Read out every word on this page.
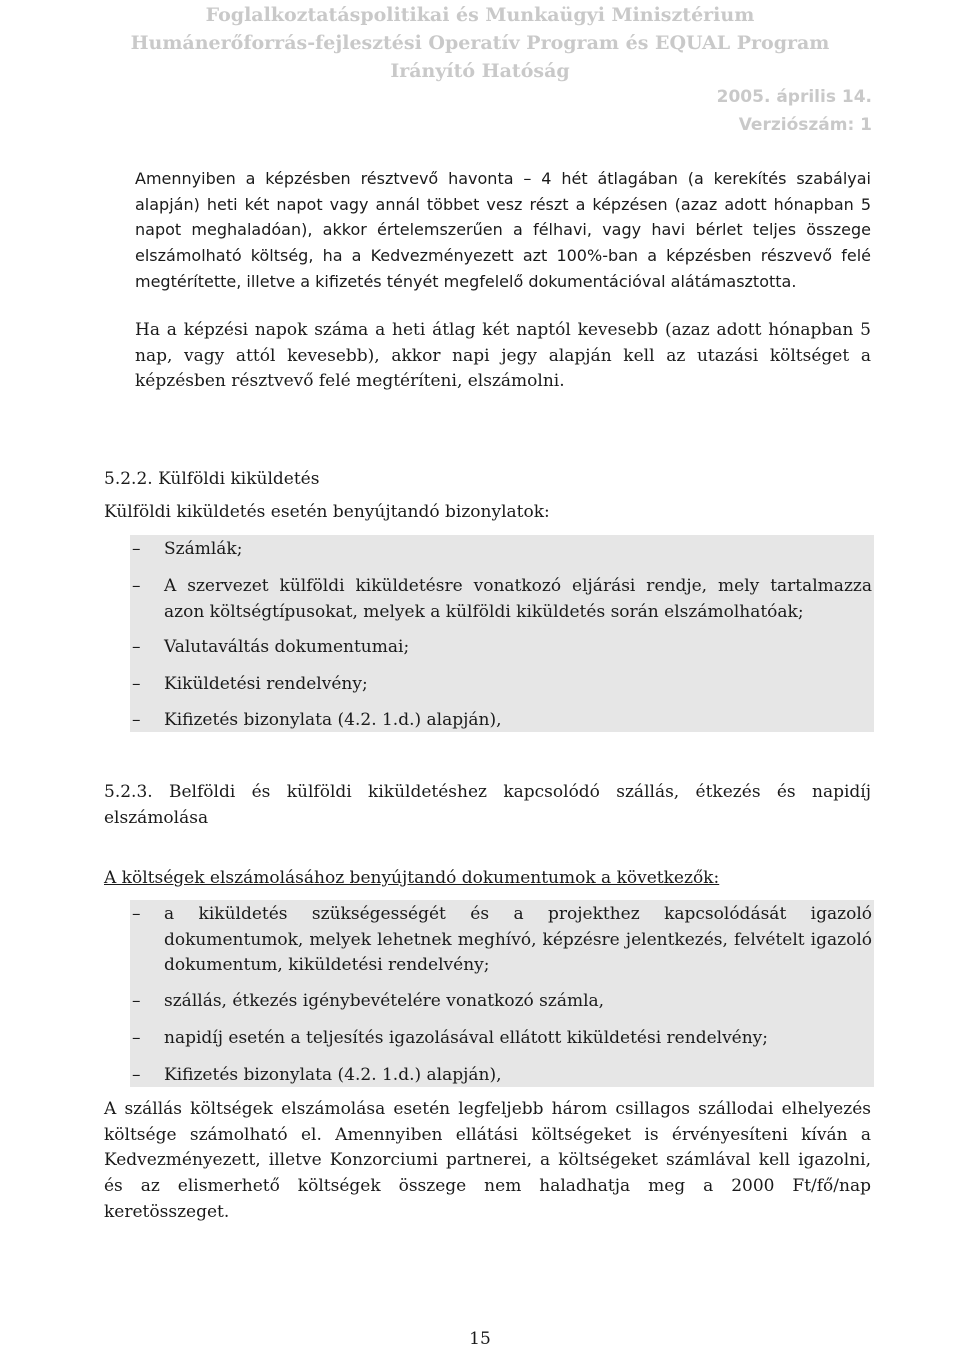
Foglalkoztatáspolitikai és Munkaügyi Minisztérium
Humánerőforrás-fejlesztési Operatív Program és EQUAL Program
Irányító Hatóság
2005. április 14.
Verziószám: 1
Amennyiben a képzésben résztvevő havonta – 4 hét átlagában (a kerekítés szabályai alapján) heti két napot vagy annál többet vesz részt a képzésen (azaz adott hónapban 5 napot meghaladóan), akkor értelemszerűen a félhavi, vagy havi bérlet teljes összege elszámolható költség, ha a Kedvezményezett azt 100%-ban a képzésben részvevő felé megtérítette, illetve a kifizetés tényét megfelelő dokumentációval alátámasztotta.
Ha a képzési napok száma a heti átlag két naptól kevesebb (azaz adott hónapban 5 nap, vagy attól kevesebb), akkor napi jegy alapján kell az utazási költséget a képzésben résztvevő felé megtéríteni, elszámolni.
5.2.2. Külföldi kiküldetés
Külföldi kiküldetés esetén benyújtandó bizonylatok:
–	Számlák;
–	A szervezet külföldi kiküldetésre vonatkozó eljárási rendje, mely tartalmazza azon költségtípusokat, melyek a külföldi kiküldetés során elszámolhatóak;
–	Valutaváltás dokumentumai;
–	Kiküldetési rendelvény;
–	Kifizetés bizonylata (4.2. 1.d.) alapján),
5.2.3. Belföldi és külföldi kiküldetéshez kapcsolódó szállás, étkezés és napidíj elszámolása
A költségek elszámolásához benyújtandó dokumentumok a következők:
–	a kiküldetés szükségességét és a projekthez kapcsolódását igazoló dokumentumok, melyek lehetnek meghívó, képzésre jelentkezés, felvételt igazoló dokumentum, kiküldetési rendelvény;
–	szállás, étkezés igénybevételére vonatkozó számla,
–	napidíj esetén a teljesítés igazolásával ellátott kiküldetési rendelvény;
–	Kifizetés bizonylata (4.2. 1.d.) alapján),
A szállás költségek elszámolása esetén legfeljebb három csillagos szállodai elhelyezés költsége számolható el. Amennyiben ellátási költségeket is érvényesíteni kíván a Kedvezményezett, illetve Konzorciumi partnerei, a költségeket számlával kell igazolni, és az elismerhető költségek összege nem haladhatja meg a 2000 Ft/fő/nap keretösszeget.
15
